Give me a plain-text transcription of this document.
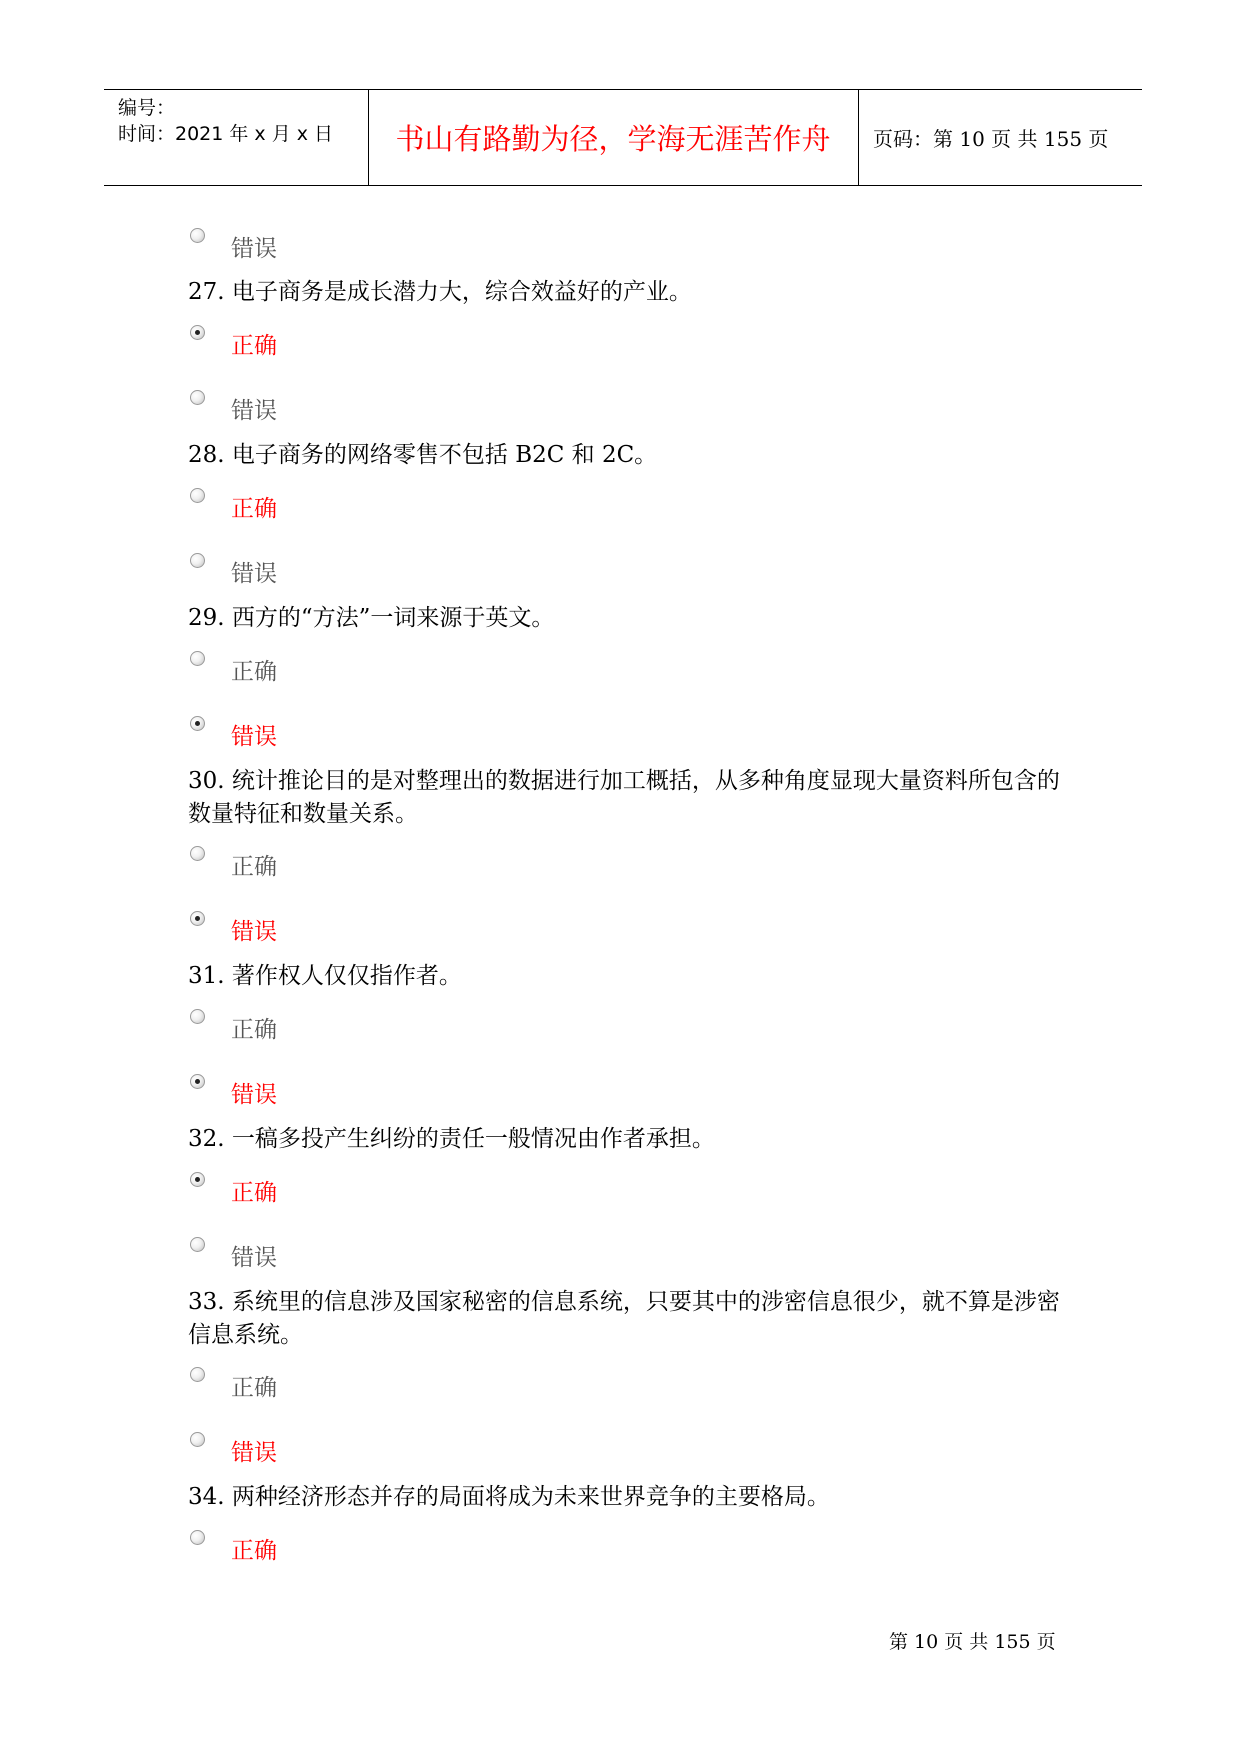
编号：
时间：2021 年 x 月 x 日	书山有路勤为径，学海无涯苦作舟	页码：第 10 页 共 155 页
错误
27. 电子商务是成长潜力大，综合效益好的产业。
正确
错误
28. 电子商务的网络零售不包括 B2C 和 2C。
正确
错误
29. 西方的“方法”一词来源于英文。
正确
错误
30. 统计推论目的是对整理出的数据进行加工概括，从多种角度显现大量资料所包含的数量特征和数量关系。
正确
错误
31. 著作权人仅仅指作者。
正确
错误
32. 一稿多投产生纠纷的责任一般情况由作者承担。
正确
错误
33. 系统里的信息涉及国家秘密的信息系统，只要其中的涉密信息很少，就不算是涉密信息系统。
正确
错误
34. 两种经济形态并存的局面将成为未来世界竞争的主要格局。
正确
第 10 页 共 155 页
